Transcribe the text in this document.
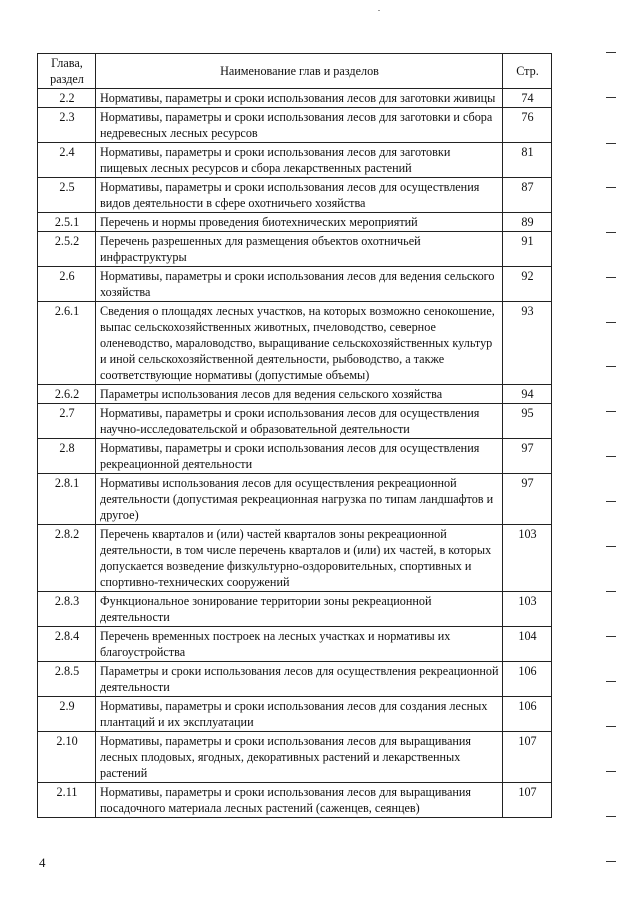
Глава,
раздел	Наименование глав и разделов	Стр.
2.2	Нормативы, параметры и сроки использования лесов для заготовки живицы	74
2.3	Нормативы, параметры и сроки использования лесов для заготовки и сбора недревесных лесных ресурсов	76
2.4	Нормативы, параметры и сроки использования лесов для заготовки пищевых лесных ресурсов и сбора лекарственных растений	81
2.5	Нормативы, параметры и сроки использования лесов для осуществления видов деятельности в сфере охотничьего хозяйства	87
2.5.1	Перечень и нормы проведения биотехнических мероприятий	89
2.5.2	Перечень разрешенных для размещения объектов охотничьей инфраструктуры	91
2.6	Нормативы, параметры и сроки использования лесов для ведения сельского хозяйства	92
2.6.1	Сведения о площадях лесных участков, на которых возможно сенокошение, выпас сельскохозяйственных животных, пчеловодство, северное оленеводство, мараловодство, выращивание сельскохозяйственных культур и иной сельскохозяйственной деятельности, рыбоводство, а также соответствующие нормативы (допустимые объемы)	93
2.6.2	Параметры использования лесов для ведения сельского хозяйства	94
2.7	Нормативы, параметры и сроки использования лесов для осуществления научно-исследовательской и образовательной деятельности	95
2.8	Нормативы, параметры и сроки использования лесов для осуществления рекреационной деятельности	97
2.8.1	Нормативы использования лесов для осуществления рекреационной деятельности (допустимая рекреационная нагрузка по типам ландшафтов и другое)	97
2.8.2	Перечень кварталов и (или) частей кварталов зоны рекреационной деятельности, в том числе перечень кварталов и (или) их частей, в которых допускается возведение физкультурно-оздоровительных, спортивных и спортивно-технических сооружений	103
2.8.3	Функциональное зонирование территории зоны рекреационной деятельности	103
2.8.4	Перечень временных построек на лесных участках и нормативы их благоустройства	104
2.8.5	Параметры и сроки использования лесов для осуществления рекреационной деятельности	106
2.9	Нормативы, параметры и сроки использования лесов для создания лесных плантаций и их эксплуатации	106
2.10	Нормативы, параметры и сроки использования лесов для выращивания лесных плодовых, ягодных, декоративных растений и лекарственных растений	107
2.11	Нормативы, параметры и сроки использования лесов для выращивания посадочного материала лесных растений (саженцев, сеянцев)	107
4
